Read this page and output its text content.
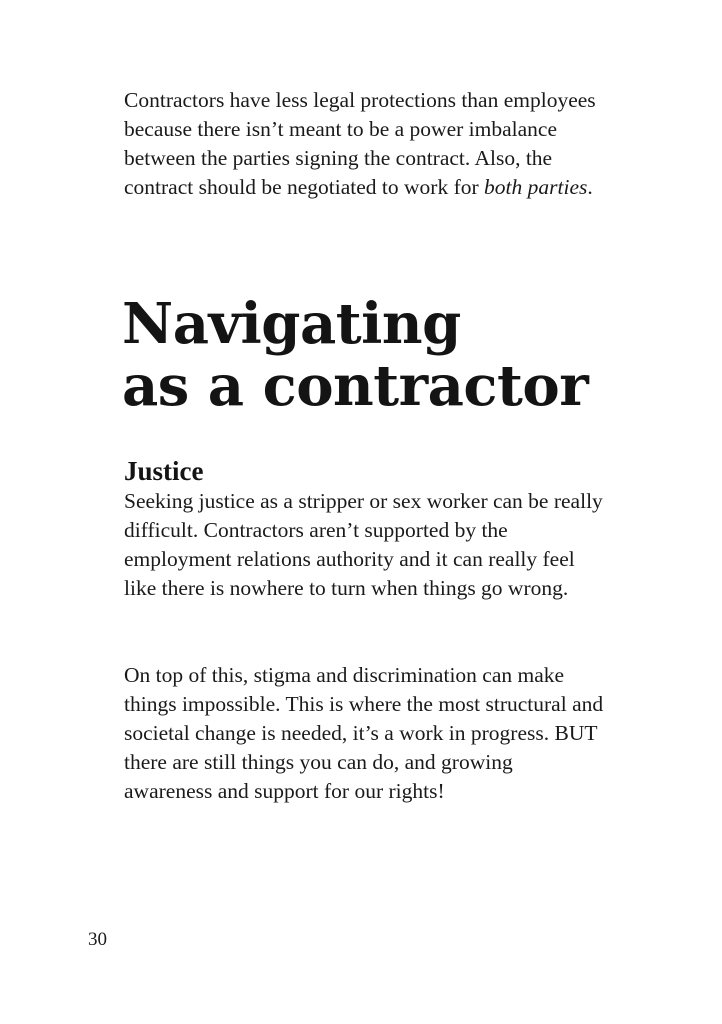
Contractors have less legal protections than employees because there isn’t meant to be a power imbalance between the parties signing the contract. Also, the contract should be negotiated to work for both parties.

Navigating
as a contractor
Justice

Seeking justice as a stripper or sex worker can be really difficult. Contractors aren’t supported by the employment relations authority and it can really feel like there is nowhere to turn when things go wrong.

On top of this, stigma and discrimination can make things impossible. This is where the most structural and societal change is needed, it’s a work in progress. BUT there are still things you can do, and growing awareness and support for our rights!

30
